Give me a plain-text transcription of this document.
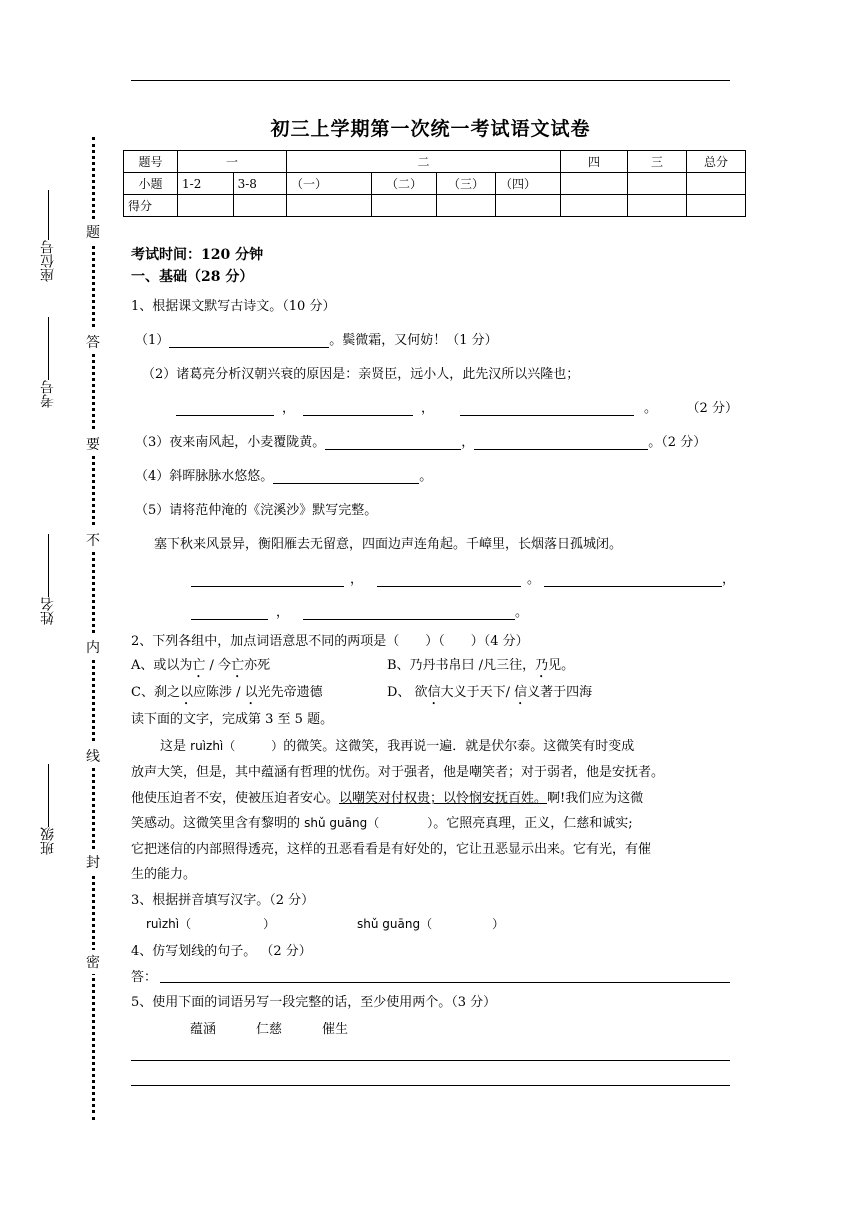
初三上学期第一次统一考试语文试卷
题号	一		二				四	三	总分
小题	1-2	3-8	（一）	（二）	（三）	（四）			
得分									
座位号
考号
姓名
班级
题
答
要
不
内
线
封
密
考试时间：120 分钟
一、基础（28 分）
1、根据课文默写古诗文。（10 分）
（1）	。鬓微霜，又何妨！（1 分）
（2）诸葛亮分析汉朝兴衰的原因是：亲贤臣，远小人，此先汉所以兴隆也；
，	，	。	（2 分）
（3）夜来南风起，小麦覆陇黄。	，	。（2 分）
（4）斜晖脉脉水悠悠。	。
（5）请将范仲淹的《浣溪沙》默写完整。
塞下秋来风景异，衡阳雁去无留意，四面边声连角起。千嶂里，长烟落日孤城闭。
，	。	，
，	。
2、下列各组中，加点词语意思不同的两项是（　　）（　　）（4 分）
A、或以为亡 / 今亡亦死	B、乃丹书帛曰 /凡三往，乃见。
C、刹之以应陈涉 / 以光先帝遗德	D、 欲信大义于天下/ 信义著于四海
读下面的文字，完成第 3 至 5 题。
这是 ruìzhì（　　　）的微笑。这微笑，我再说一遍．就是伏尔泰。这微笑有时变成
放声大笑，但是，其中蕴涵有哲理的忧伤。对于强者，他是嘲笑者；对于弱者，他是安抚者。
他使压迫者不安，使被压迫者安心。以嘲笑对付权贵；以怜悯安抚百姓。啊!我们应为这微
笑感动。这微笑里含有黎明的 shǔ guāng（　　　　）。它照亮真理，正义，仁慈和诚实;
它把迷信的内部照得透亮，这样的丑恶看看是有好处的，它让丑恶显示出来。它有光，有催
生的能力。
3、根据拼音填写汉字。（2 分）
ruìzhì（　　　　　　）	shǔ guāng（　　　　　）
4、仿写划线的句子。 （2 分）
答：
5、使用下面的词语另写一段完整的话，至少使用两个。（3 分）
蕴涵	仁慈	催生
